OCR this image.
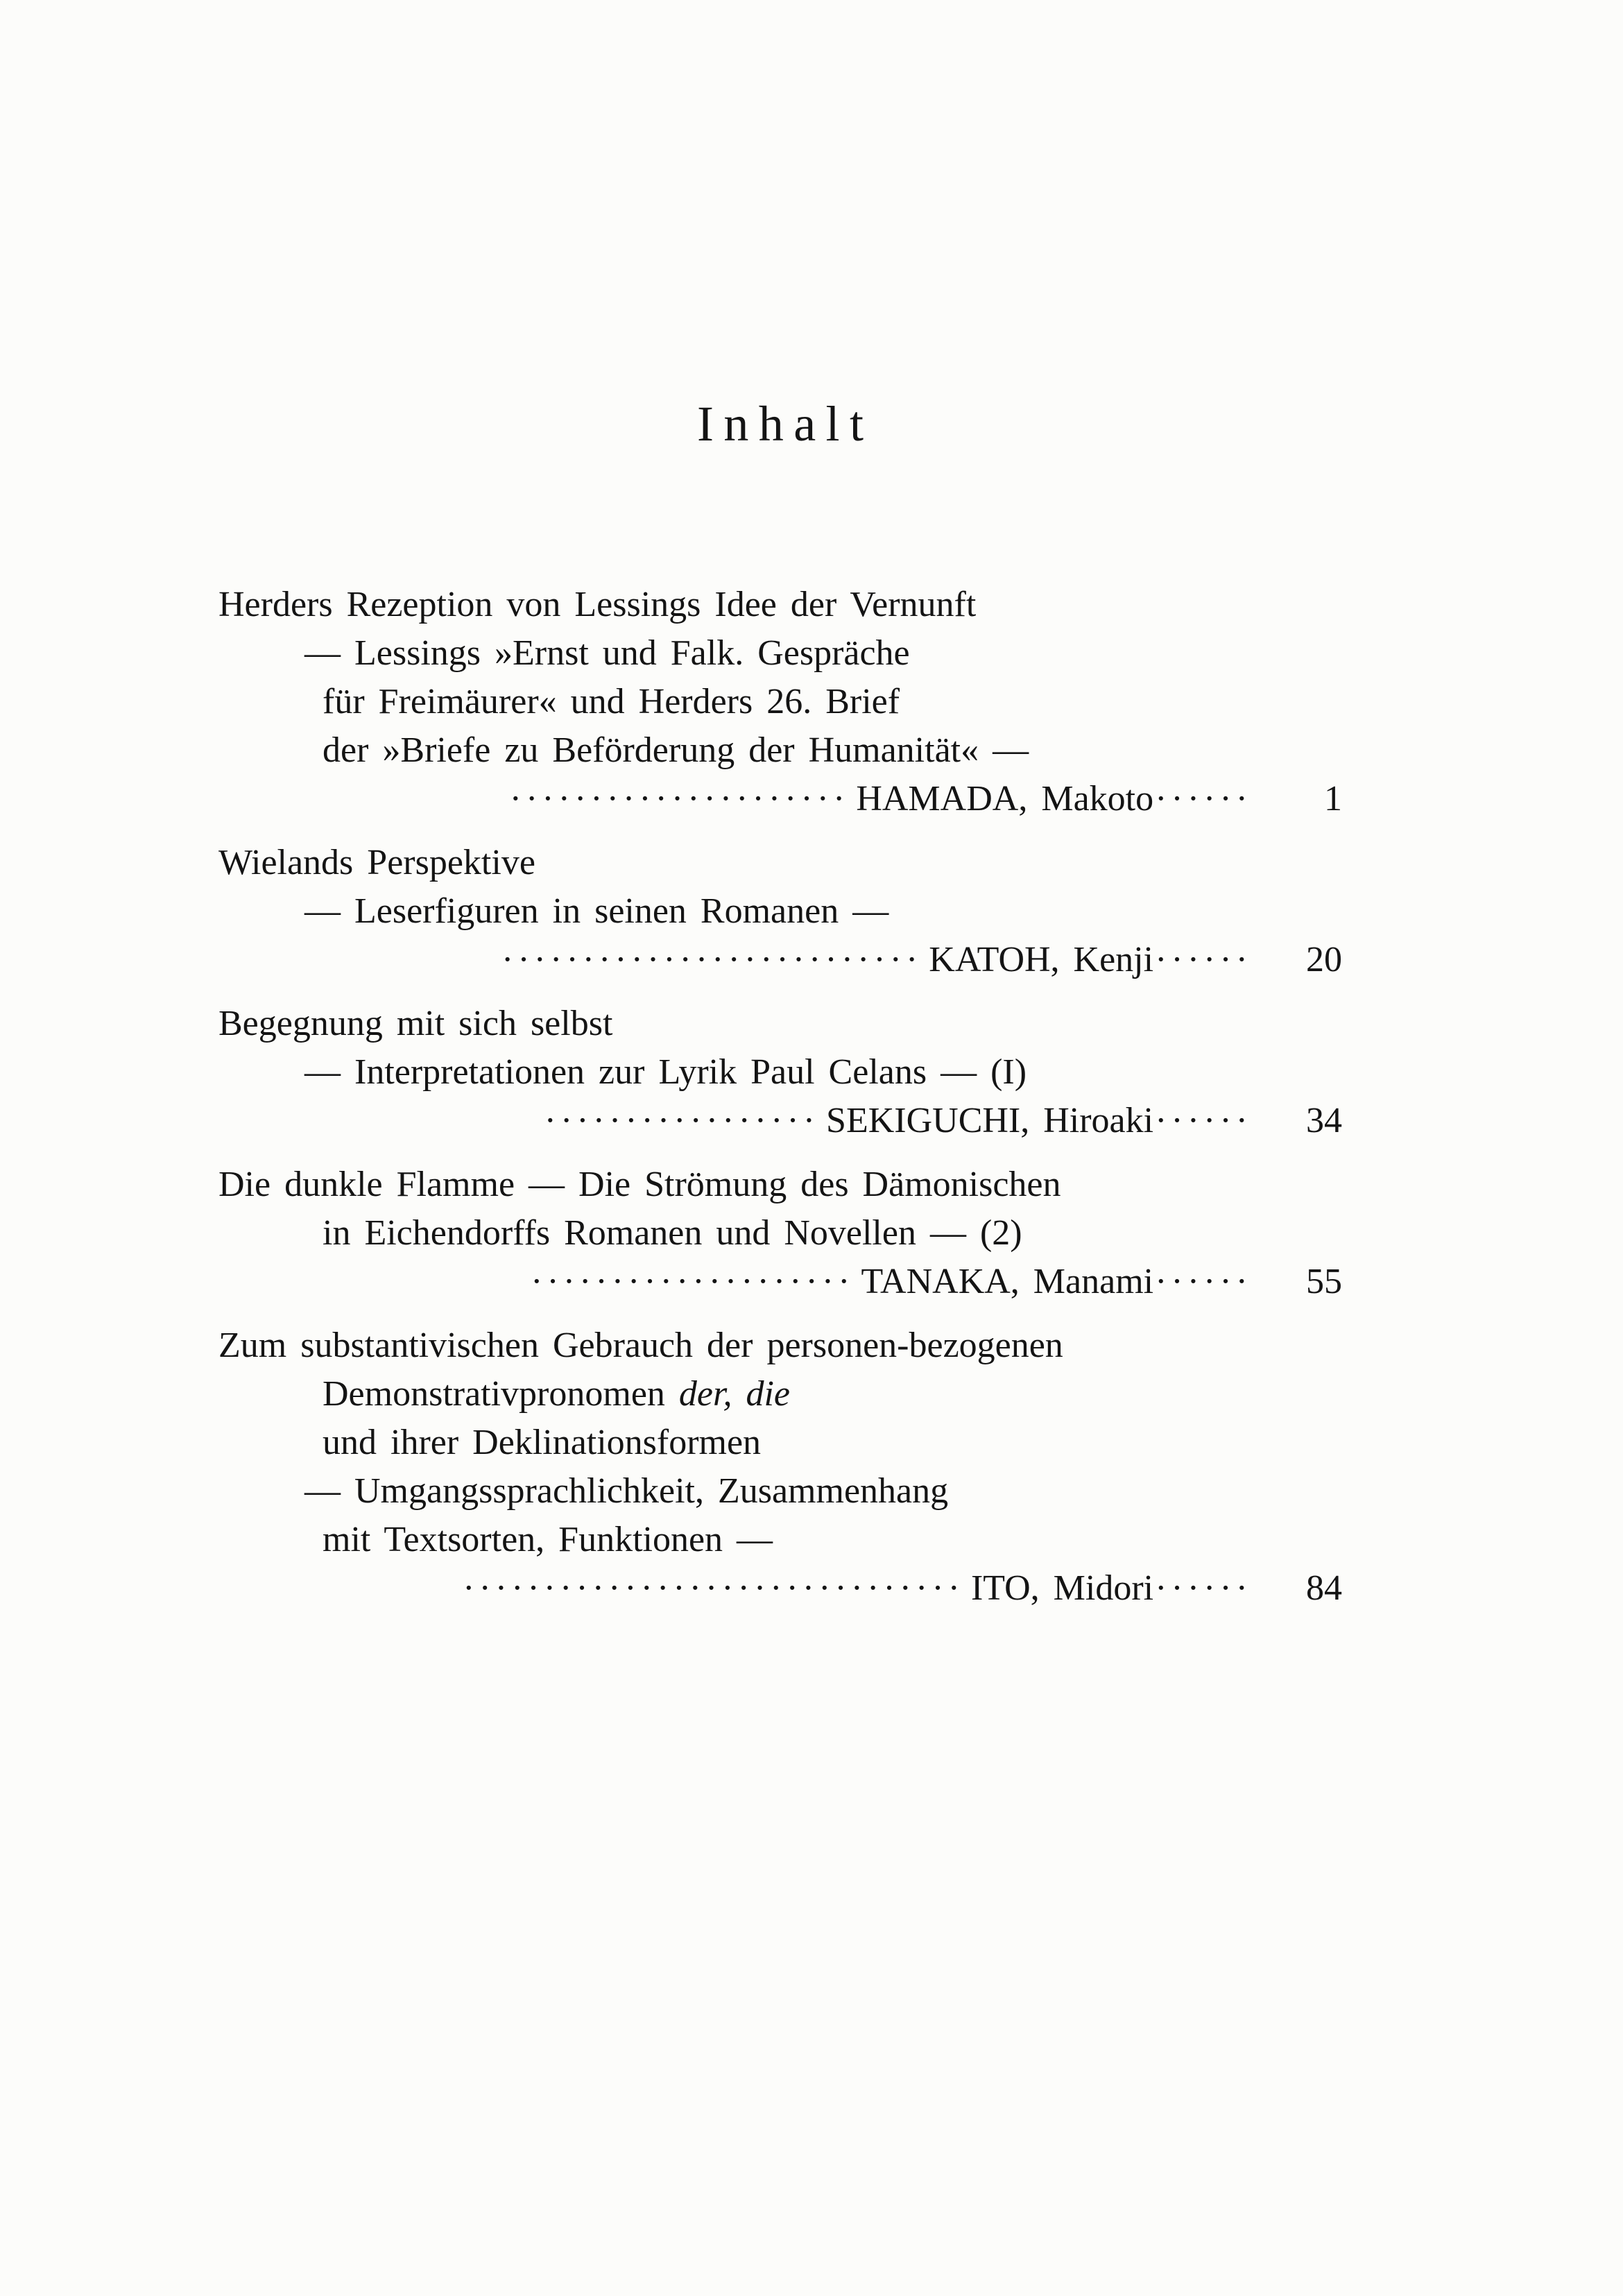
Inhalt

Herders Rezeption von Lessings Idee der Vernunft

— Lessings »Ernst und Falk. Gespräche

für Freimäurer« und Herders 26. Brief

der »Briefe zu Beförderung der Humanität« —

····················· HAMADA, Makoto ······	1

Wielands Perspektive

— Leserfiguren in seinen Romanen —

·························· KATOH, Kenji ······	20

Begegnung mit sich selbst

— Interpretationen zur Lyrik Paul Celans — (I)

················· SEKIGUCHI, Hiroaki ······	34

Die dunkle Flamme — Die Strömung des Dämonischen

in Eichendorffs Romanen und Novellen — (2)

···················· TANAKA, Manami ······	55

Zum substantivischen Gebrauch der personen-bezogenen

Demonstrativpronomen der, die

und ihrer Deklinationsformen

— Umgangssprachlichkeit, Zusammenhang

mit Textsorten, Funktionen —

······························· ITO, Midori ······	84
